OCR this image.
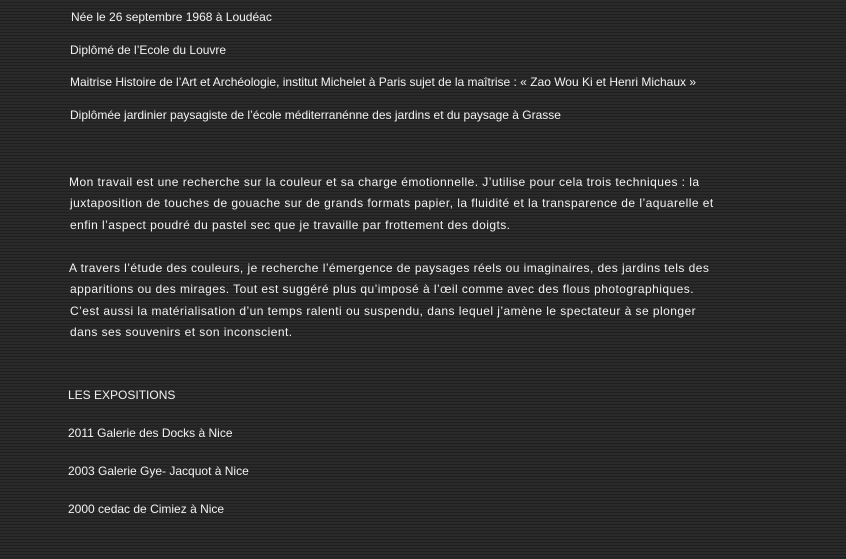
Née le 26 septembre 1968 à Loudéac
Diplômé de l’Ecole du Louvre
Maitrise Histoire de l’Art et Archéologie, institut Michelet à Paris sujet de la maîtrise : « Zao Wou Ki et Henri Michaux »
Diplômée jardinier paysagiste de l’école méditerranénne des jardins et du paysage à Grasse
Mon travail est une recherche sur la couleur et sa charge émotionnelle. J’utilise pour cela trois techniques : la
juxtaposition de touches de gouache sur de grands formats papier, la fluidité et la transparence de l’aquarelle et
enfin l’aspect poudré du pastel sec que je travaille par frottement des doigts.
A travers l’étude des couleurs, je recherche l’émergence de paysages réels ou imaginaires, des jardins tels des
apparitions ou des mirages. Tout est suggéré plus qu’imposé à l’œil comme avec des flous photographiques.
C’est aussi la matérialisation d’un temps ralenti ou suspendu, dans lequel j’amène le spectateur à se plonger
dans ses souvenirs et son inconscient.
LES EXPOSITIONS
2011 Galerie des Docks à Nice
2003 Galerie Gye- Jacquot à Nice
2000 cedac de Cimiez à Nice
